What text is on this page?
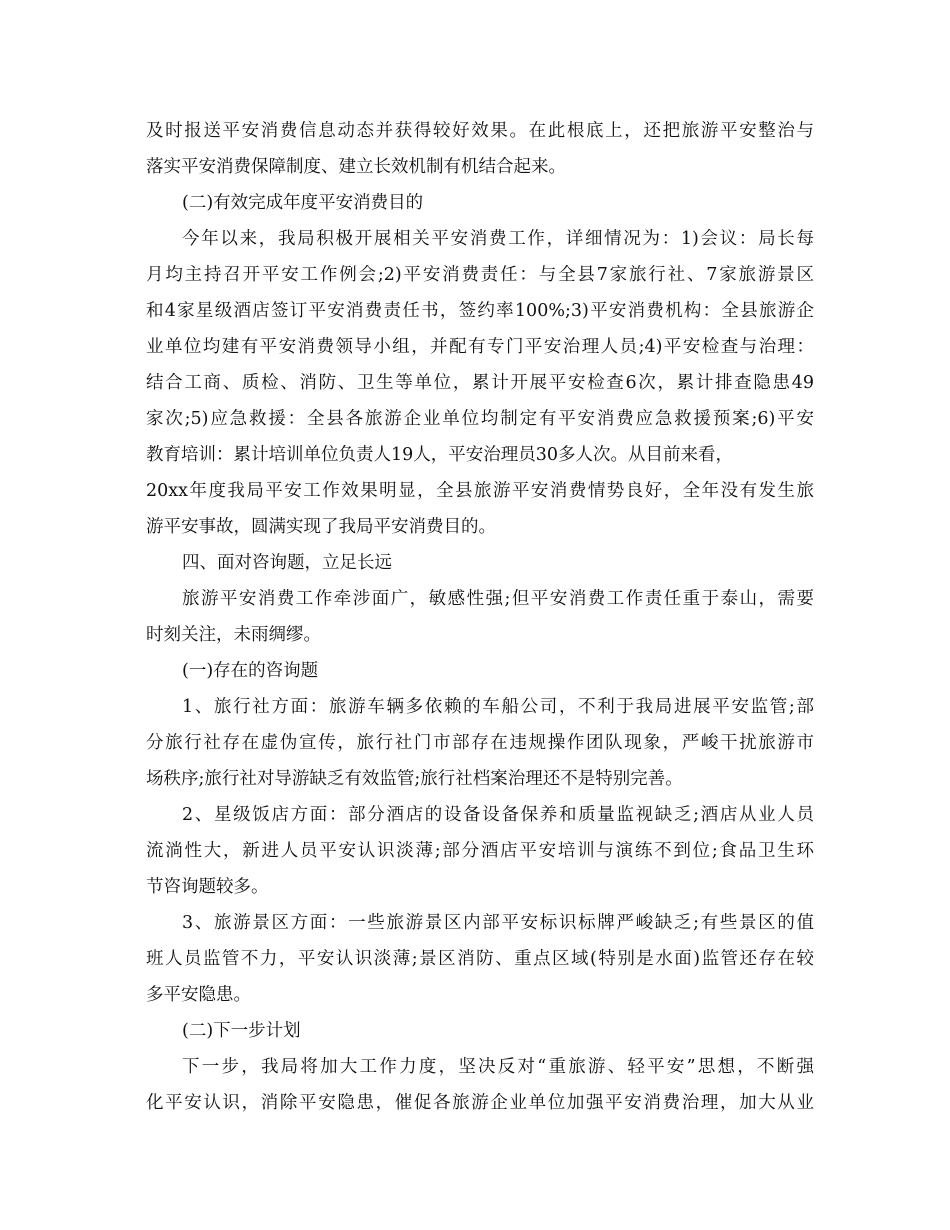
及时报送平安消费信息动态并获得较好效果。在此根底上，还把旅游平安整治与
落实平安消费保障制度、建立长效机制有机结合起来。
(二)有效完成年度平安消费目的
今年以来，我局积极开展相关平安消费工作，详细情况为：1)会议：局长每
月均主持召开平安工作例会;2)平安消费责任：与全县7家旅行社、7家旅游景区
和4家星级酒店签订平安消费责任书，签约率100%;3)平安消费机构：全县旅游企
业单位均建有平安消费领导小组，并配有专门平安治理人员;4)平安检查与治理：
结合工商、质检、消防、卫生等单位，累计开展平安检查6次，累计排查隐患49
家次;5)应急救援：全县各旅游企业单位均制定有平安消费应急救援预案;6)平安
教育培训：累计培训单位负责人19人，平安治理员30多人次。从目前来看，
20xx年度我局平安工作效果明显，全县旅游平安消费情势良好，全年没有发生旅
游平安事故，圆满实现了我局平安消费目的。
四、面对咨询题，立足长远
旅游平安消费工作牵涉面广，敏感性强;但平安消费工作责任重于泰山，需要
时刻关注，未雨绸缪。
(一)存在的咨询题
1、旅行社方面：旅游车辆多依赖的车船公司，不利于我局进展平安监管;部
分旅行社存在虚伪宣传，旅行社门市部存在违规操作团队现象，严峻干扰旅游市
场秩序;旅行社对导游缺乏有效监管;旅行社档案治理还不是特别完善。
2、星级饭店方面：部分酒店的设备设备保养和质量监视缺乏;酒店从业人员
流淌性大，新进人员平安认识淡薄;部分酒店平安培训与演练不到位;食品卫生环
节咨询题较多。
3、旅游景区方面：一些旅游景区内部平安标识标牌严峻缺乏;有些景区的值
班人员监管不力，平安认识淡薄;景区消防、重点区域(特别是水面)监管还存在较
多平安隐患。
(二)下一步计划
下一步，我局将加大工作力度，坚决反对“重旅游、轻平安”思想，不断强
化平安认识，消除平安隐患，催促各旅游企业单位加强平安消费治理，加大从业
